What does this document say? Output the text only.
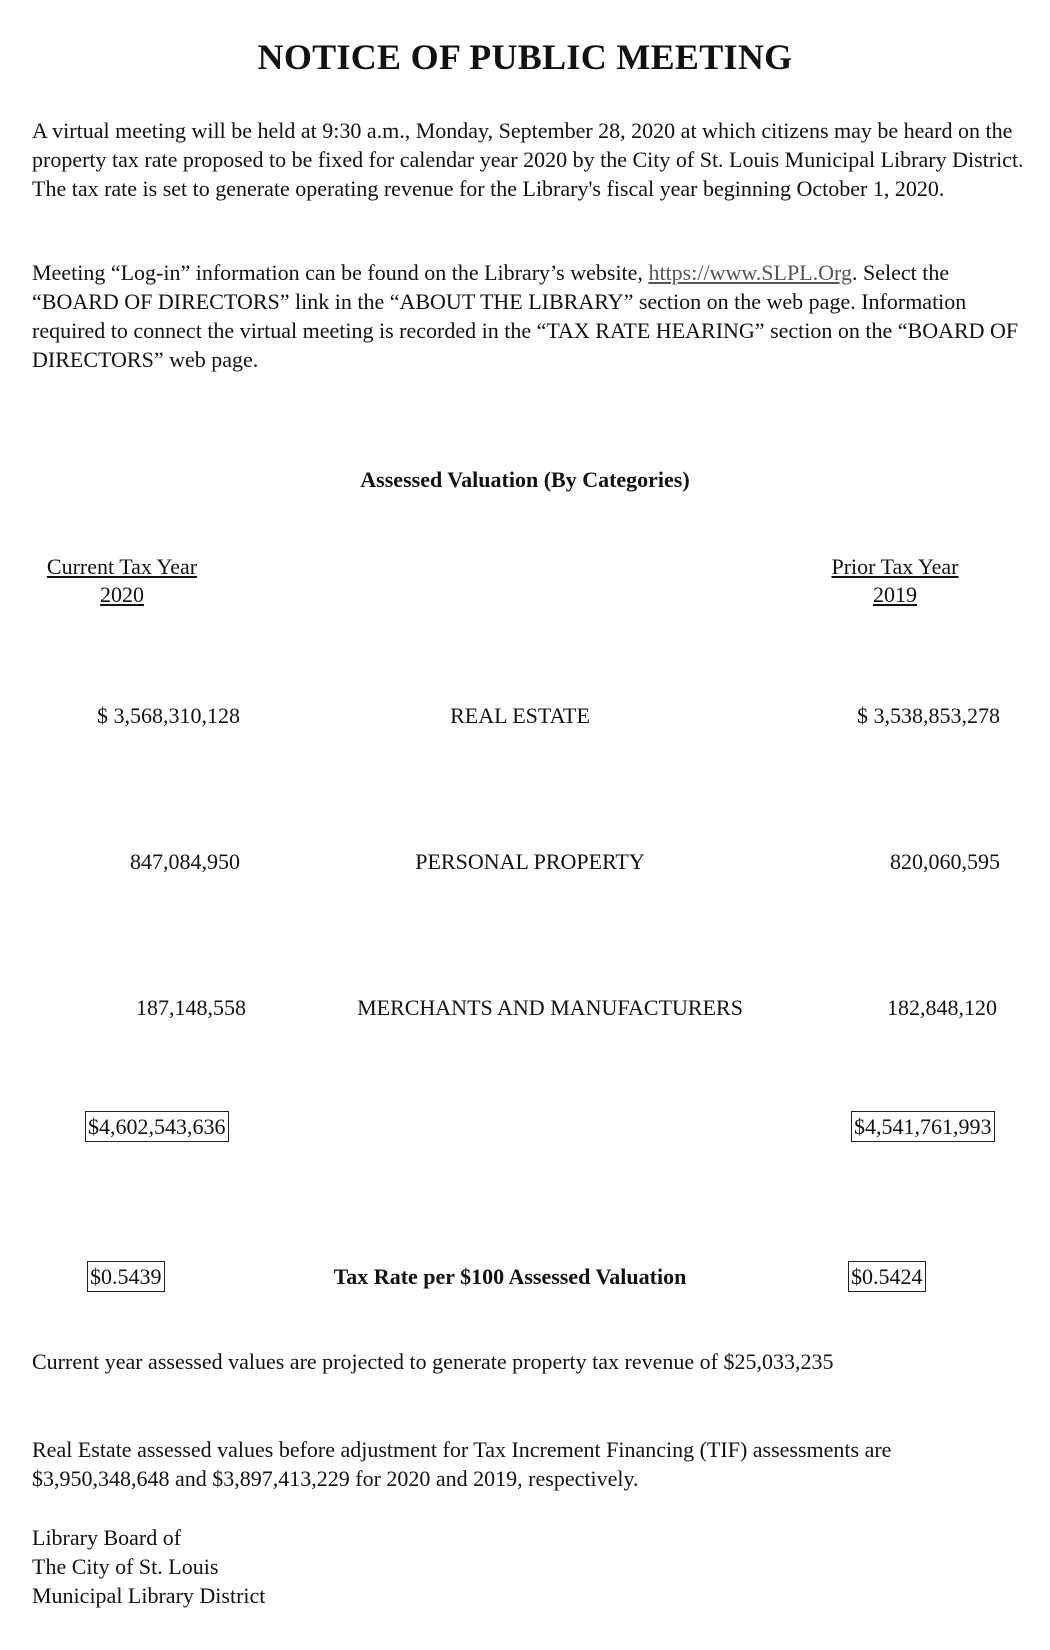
NOTICE OF PUBLIC MEETING

A virtual meeting will be held at 9:30 a.m., Monday, September 28, 2020 at which citizens may be heard on the property tax rate proposed to be fixed for calendar year 2020 by the City of St. Louis Municipal Library District. The tax rate is set to generate operating revenue for the Library's fiscal year beginning October 1, 2020.

Meeting “Log-in” information can be found on the Library’s website, https://www.SLPL.Org. Select the “BOARD OF DIRECTORS” link in the “ABOUT THE LIBRARY” section on the web page. Information required to connect the virtual meeting is recorded in the “TAX RATE HEARING” section on the “BOARD OF DIRECTORS” web page.

Assessed Valuation (By Categories)
Current Tax Year
2020
Prior Tax Year
2019
$ 3,568,310,128	REAL ESTATE	$ 3,538,853,278
847,084,950	PERSONAL PROPERTY	820,060,595
187,148,558	MERCHANTS AND MANUFACTURERS	182,848,120
$4,602,543,636	$4,541,761,993
$0.5439	Tax Rate per $100 Assessed Valuation	$0.5424

Current year assessed values are projected to generate property tax revenue of $25,033,235

Real Estate assessed values before adjustment for Tax Increment Financing (TIF) assessments are $3,950,348,648 and $3,897,413,229 for 2020 and 2019, respectively.

Library Board of
The City of St. Louis
Municipal Library District
